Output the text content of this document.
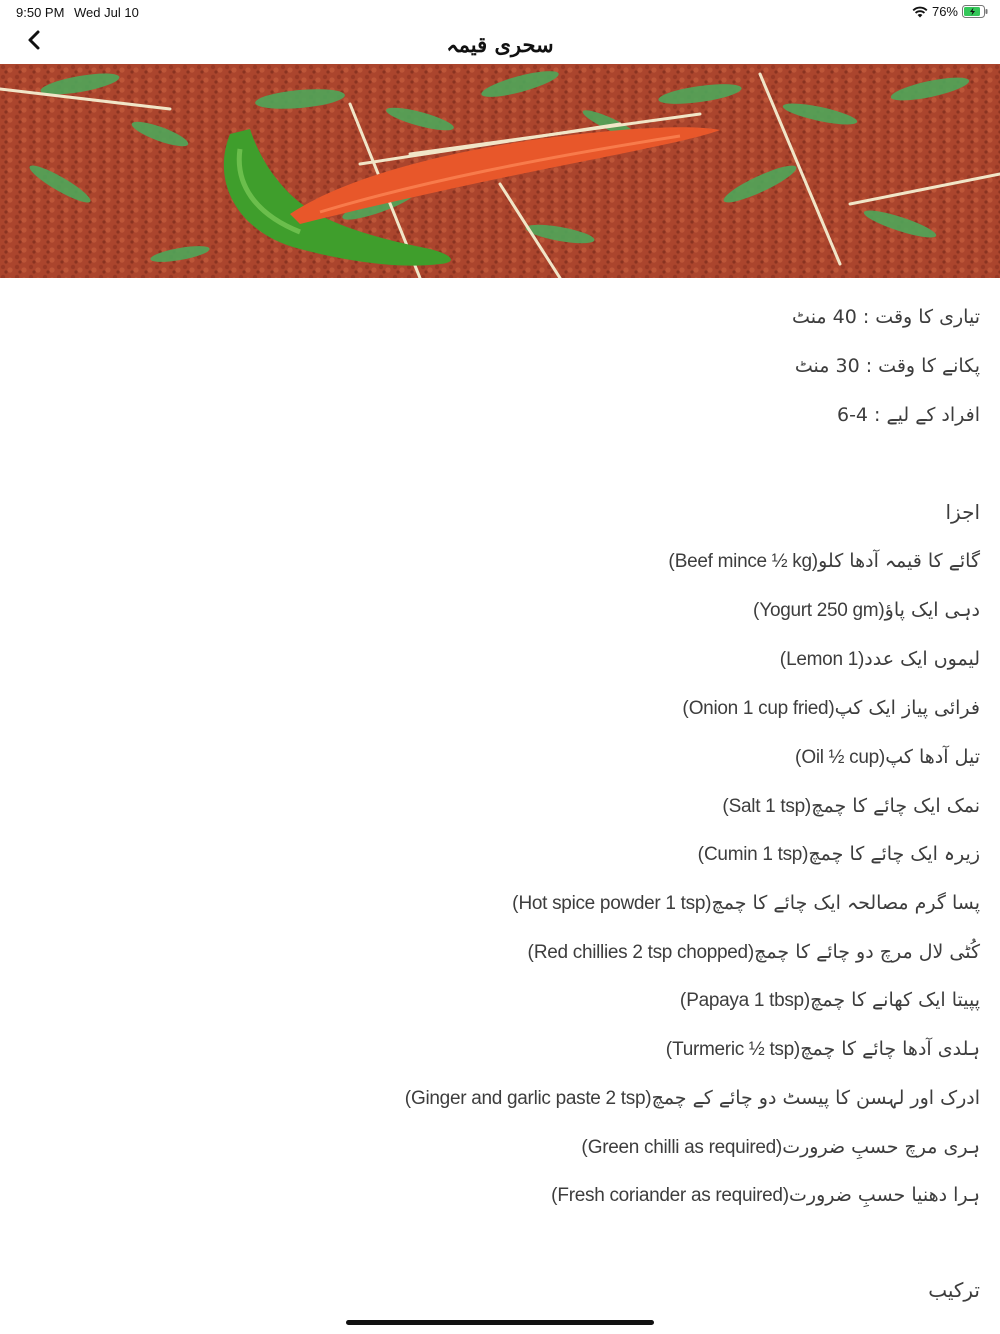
9:50 PM Wed Jul 10	76%
سحری قیمہ
تیاری کا وقت : 40 منٹ
پکانے کا وقت : 30 منٹ
افراد کے لیے : 4-6
اجزا
گائے کا قیمہ آدھا کلو(Beef mince ½ kg)
دہی ایک پاؤ(Yogurt 250 gm)
لیموں ایک عدد(Lemon 1)
فرائی پیاز ایک کپ(Onion 1 cup fried)
تیل آدھا کپ(Oil ½ cup)
نمک ایک چائے کا چمچ(Salt 1 tsp)
زیرہ ایک چائے کا چمچ(Cumin 1 tsp)
پسا گرم مصالحہ ایک چائے کا چمچ(Hot spice powder 1 tsp)
کُٹی لال مرچ دو چائے کا چمچ(Red chillies 2 tsp chopped)
پپیتا ایک کھانے کا چمچ(Papaya 1 tbsp)
ہلدی آدھا چائے کا چمچ(Turmeric ½ tsp)
ادرک اور لہسن کا پیسٹ دو چائے کے چمچ(Ginger and garlic paste 2 tsp)
ہری مرچ حسبِ ضرورت(Green chilli as required)
ہرا دھنیا حسبِ ضرورت(Fresh coriander as required)
ترکیب
